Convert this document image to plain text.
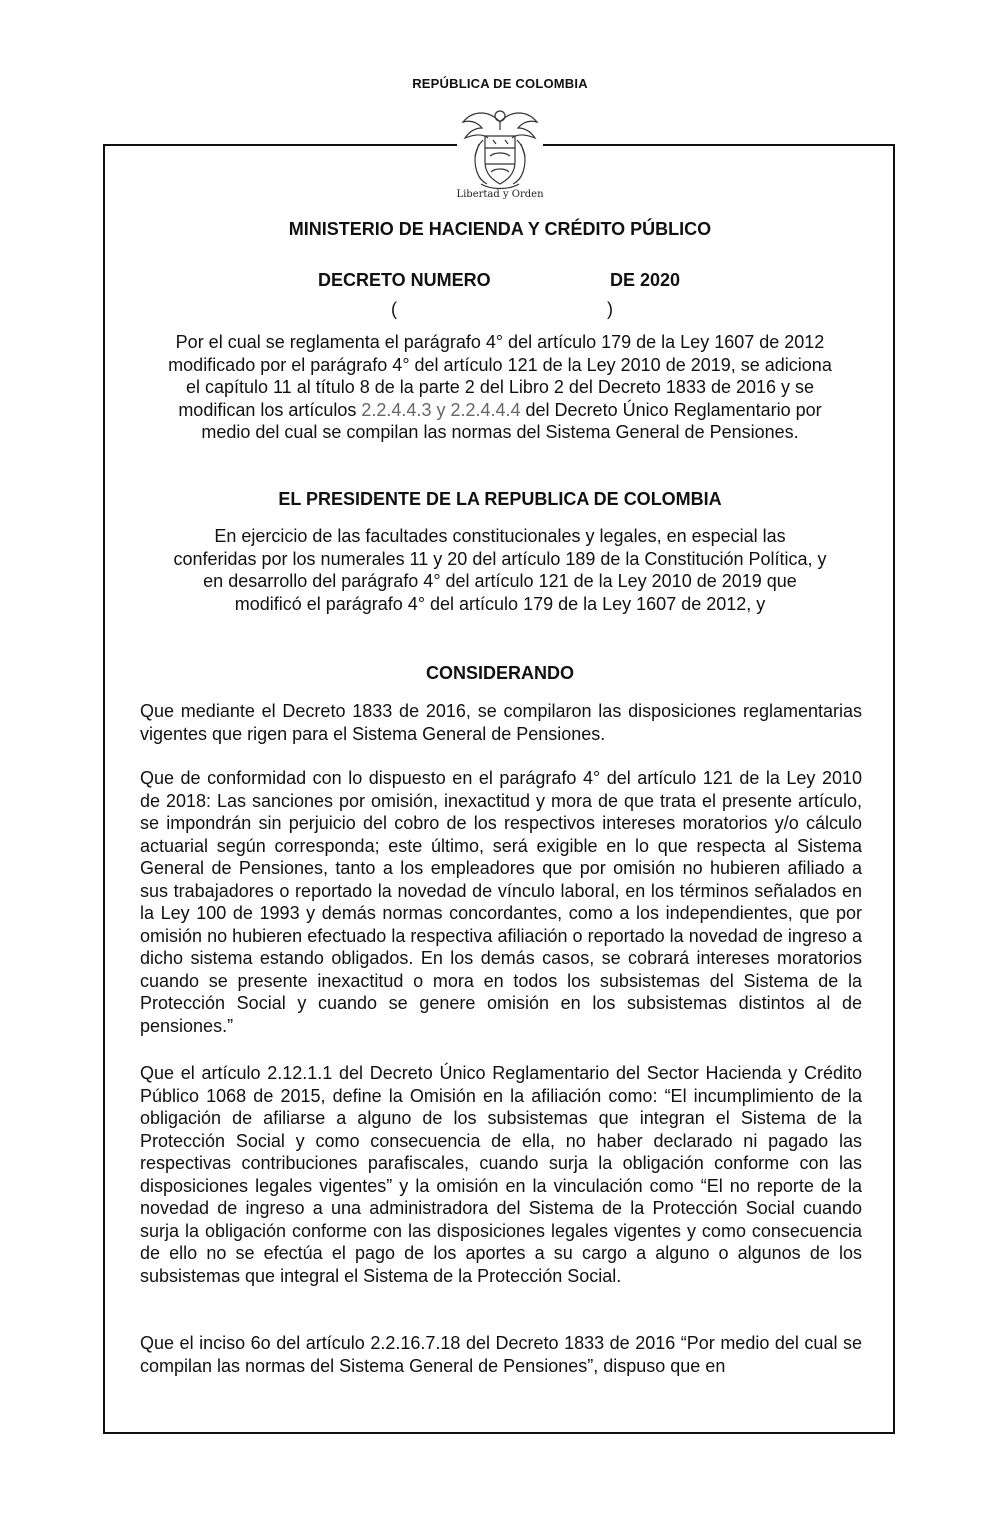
REPÚBLICA DE COLOMBIA
Libertad y Orden
MINISTERIO DE HACIENDA Y CRÉDITO PÚBLICO
DECRETO NUMERO	DE 2020
(	)
Por el cual se reglamenta el parágrafo 4° del artículo 179 de la Ley 1607 de 2012 modificado por el parágrafo 4° del artículo 121 de la Ley 2010 de 2019, se adiciona el capítulo 11 al título 8 de la parte 2 del Libro 2 del Decreto 1833 de 2016 y se modifican los artículos 2.2.4.4.3 y 2.2.4.4.4 del Decreto Único Reglamentario por medio del cual se compilan las normas del Sistema General de Pensiones.
EL PRESIDENTE DE LA REPUBLICA DE COLOMBIA
En ejercicio de las facultades constitucionales y legales, en especial las conferidas por los numerales 11 y 20 del artículo 189 de la Constitución Política, y en desarrollo del parágrafo 4° del artículo 121 de la Ley 2010 de 2019 que modificó el parágrafo 4° del artículo 179 de la Ley 1607 de 2012, y
CONSIDERANDO

Que mediante el Decreto 1833 de 2016, se compilaron las disposiciones reglamentarias vigentes que rigen para el Sistema General de Pensiones.

Que de conformidad con lo dispuesto en el parágrafo 4° del artículo 121 de la Ley 2010 de 2018: Las sanciones por omisión, inexactitud y mora de que trata el presente artículo, se impondrán sin perjuicio del cobro de los respectivos intereses moratorios y/o cálculo actuarial según corresponda; este último, será exigible en lo que respecta al Sistema General de Pensiones, tanto a los empleadores que por omisión no hubieren afiliado a sus trabajadores o reportado la novedad de vínculo laboral, en los términos señalados en la Ley 100 de 1993 y demás normas concordantes, como a los independientes, que por omisión no hubieren efectuado la respectiva afiliación o reportado la novedad de ingreso a dicho sistema estando obligados. En los demás casos, se cobrará intereses moratorios cuando se presente inexactitud o mora en todos los subsistemas del Sistema de la Protección Social y cuando se genere omisión en los subsistemas distintos al de pensiones.”

Que el artículo 2.12.1.1 del Decreto Único Reglamentario del Sector Hacienda y Crédito Público 1068 de 2015, define la Omisión en la afiliación como: “El incumplimiento de la obligación de afiliarse a alguno de los subsistemas que integran el Sistema de la Protección Social y como consecuencia de ella, no haber declarado ni pagado las respectivas contribuciones parafiscales, cuando surja la obligación conforme con las disposiciones legales vigentes” y la omisión en la vinculación como “El no reporte de la novedad de ingreso a una administradora del Sistema de la Protección Social cuando surja la obligación conforme con las disposiciones legales vigentes y como consecuencia de ello no se efectúa el pago de los aportes a su cargo a alguno o algunos de los subsistemas que integral el Sistema de la Protección Social.

Que el inciso 6o del artículo 2.2.16.7.18 del Decreto 1833 de 2016 “Por medio del cual se compilan las normas del Sistema General de Pensiones”, dispuso que en
